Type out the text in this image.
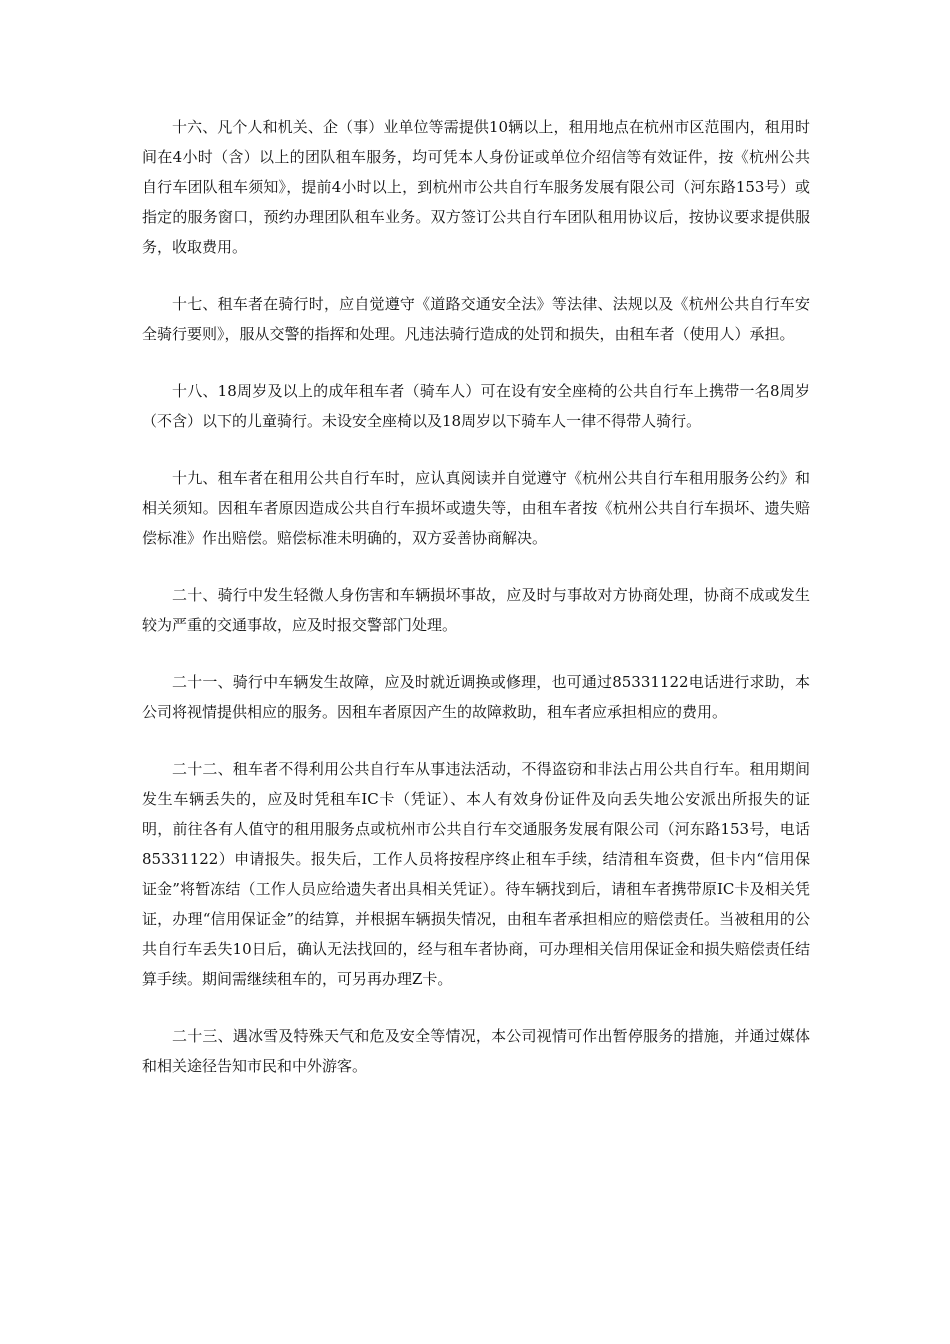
十六、凡个人和机关、企（事）业单位等需提供10辆以上，租用地点在杭州市区范围内，租用时间在4小时（含）以上的团队租车服务，均可凭本人身份证或单位介绍信等有效证件，按《杭州公共自行车团队租车须知》，提前4小时以上，到杭州市公共自行车服务发展有限公司（河东路153号）或指定的服务窗口，预约办理团队租车业务。双方签订公共自行车团队租用协议后，按协议要求提供服务，收取费用。

十七、租车者在骑行时，应自觉遵守《道路交通安全法》等法律、法规以及《杭州公共自行车安全骑行要则》，服从交警的指挥和处理。凡违法骑行造成的处罚和损失，由租车者（使用人）承担。

十八、18周岁及以上的成年租车者（骑车人）可在设有安全座椅的公共自行车上携带一名8周岁（不含）以下的儿童骑行。未设安全座椅以及18周岁以下骑车人一律不得带人骑行。

十九、租车者在租用公共自行车时，应认真阅读并自觉遵守《杭州公共自行车租用服务公约》和相关须知。因租车者原因造成公共自行车损坏或遗失等，由租车者按《杭州公共自行车损坏、遗失赔偿标准》作出赔偿。赔偿标准未明确的，双方妥善协商解决。

二十、骑行中发生轻微人身伤害和车辆损坏事故，应及时与事故对方协商处理，协商不成或发生较为严重的交通事故，应及时报交警部门处理。

二十一、骑行中车辆发生故障，应及时就近调换或修理，也可通过85331122电话进行求助，本公司将视情提供相应的服务。因租车者原因产生的故障救助，租车者应承担相应的费用。

二十二、租车者不得利用公共自行车从事违法活动，不得盗窃和非法占用公共自行车。租用期间发生车辆丢失的，应及时凭租车IC卡（凭证）、本人有效身份证件及向丢失地公安派出所报失的证明，前往各有人值守的租用服务点或杭州市公共自行车交通服务发展有限公司（河东路153号，电话85331122）申请报失。报失后，工作人员将按程序终止租车手续，结清租车资费，但卡内“信用保证金”将暂冻结（工作人员应给遗失者出具相关凭证）。待车辆找到后，请租车者携带原IC卡及相关凭证，办理“信用保证金”的结算，并根据车辆损失情况，由租车者承担相应的赔偿责任。当被租用的公共自行车丢失10日后，确认无法找回的，经与租车者协商，可办理相关信用保证金和损失赔偿责任结算手续。期间需继续租车的，可另再办理Z卡。

二十三、遇冰雪及特殊天气和危及安全等情况，本公司视情可作出暂停服务的措施，并通过媒体和相关途径告知市民和中外游客。
